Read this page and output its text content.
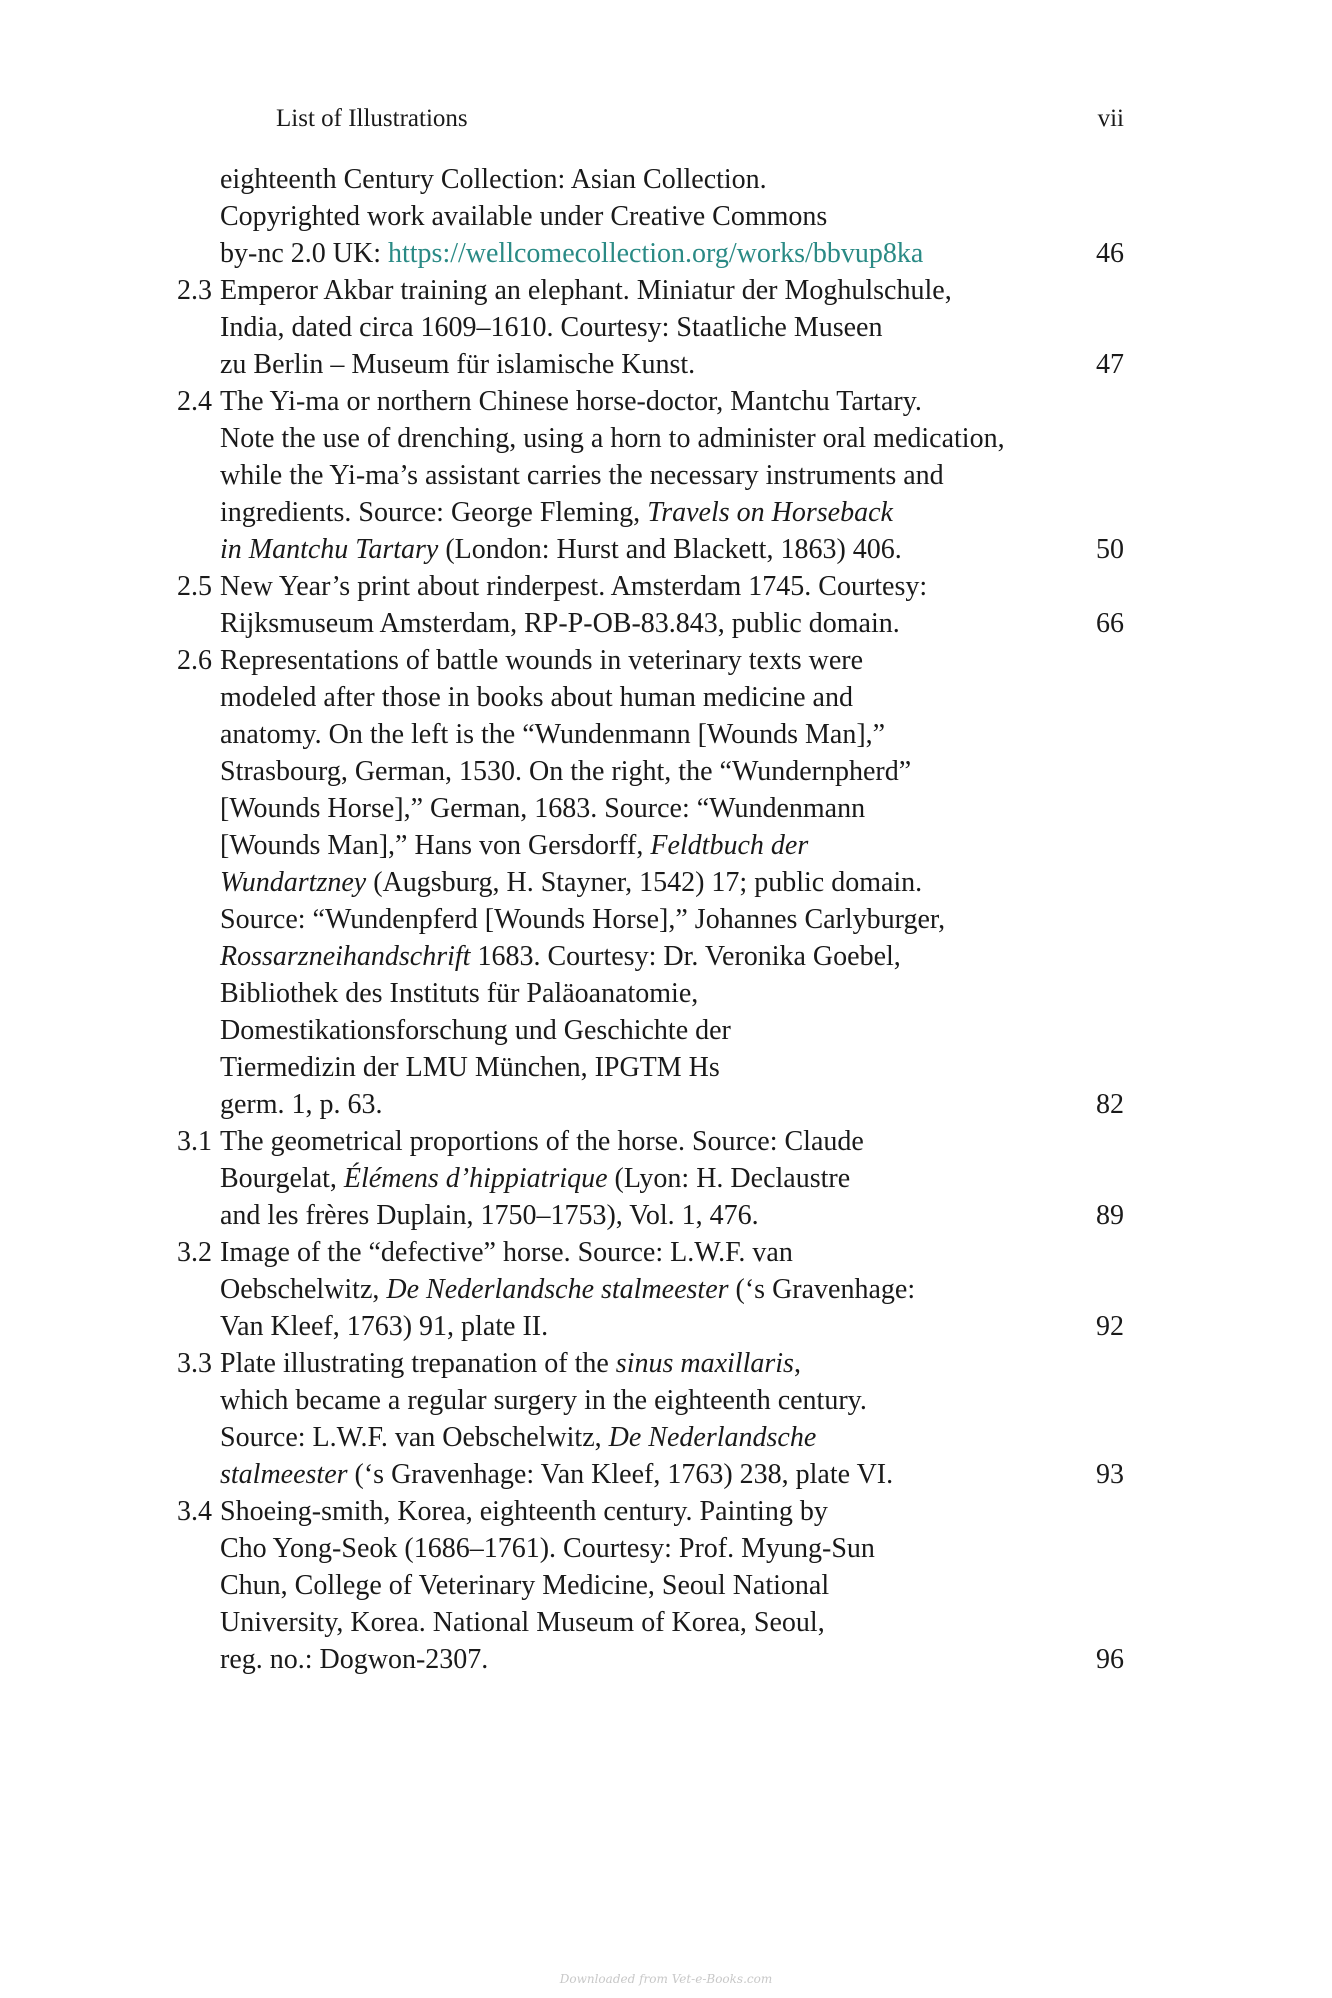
List of Illustrations	vii
eighteenth Century Collection: Asian Collection.
Copyrighted work available under Creative Commons
by-nc 2.0 UK: https://wellcomecollection.org/works/bbvup8ka	46
2.3 Emperor Akbar training an elephant. Miniatur der Moghulschule,
India, dated circa 1609–1610. Courtesy: Staatliche Museen
zu Berlin – Museum für islamische Kunst.	47
2.4 The Yi-ma or northern Chinese horse-doctor, Mantchu Tartary.
Note the use of drenching, using a horn to administer oral medication,
while the Yi-ma’s assistant carries the necessary instruments and
ingredients. Source: George Fleming, Travels on Horseback
in Mantchu Tartary (London: Hurst and Blackett, 1863) 406.	50
2.5 New Year’s print about rinderpest. Amsterdam 1745. Courtesy:
Rijksmuseum Amsterdam, RP-P-OB-83.843, public domain.	66
2.6 Representations of battle wounds in veterinary texts were
modeled after those in books about human medicine and
anatomy. On the left is the “Wundenmann [Wounds Man],”
Strasbourg, German, 1530. On the right, the “Wundernpherd”
[Wounds Horse],” German, 1683. Source: “Wundenmann
[Wounds Man],” Hans von Gersdorff, Feldtbuch der
Wundartzney (Augsburg, H. Stayner, 1542) 17; public domain.
Source: “Wundenpferd [Wounds Horse],” Johannes Carlyburger,
Rossarzneihandschrift 1683. Courtesy: Dr. Veronika Goebel,
Bibliothek des Instituts für Paläoanatomie,
Domestikationsforschung und Geschichte der
Tiermedizin der LMU München, IPGTM Hs
germ. 1, p. 63.	82
3.1 The geometrical proportions of the horse. Source: Claude
Bourgelat, Élémens d’hippiatrique (Lyon: H. Declaustre
and les frères Duplain, 1750–1753), Vol. 1, 476.	89
3.2 Image of the “defective” horse. Source: L.W.F. van
Oebschelwitz, De Nederlandsche stalmeester (‘s Gravenhage:
Van Kleef, 1763) 91, plate II.	92
3.3 Plate illustrating trepanation of the sinus maxillaris,
which became a regular surgery in the eighteenth century.
Source: L.W.F. van Oebschelwitz, De Nederlandsche
stalmeester (‘s Gravenhage: Van Kleef, 1763) 238, plate VI.	93
3.4 Shoeing-smith, Korea, eighteenth century. Painting by
Cho Yong-Seok (1686–1761). Courtesy: Prof. Myung-Sun
Chun, College of Veterinary Medicine, Seoul National
University, Korea. National Museum of Korea, Seoul,
reg. no.: Dogwon-2307.	96
Downloaded from Vet-e-Books.com
